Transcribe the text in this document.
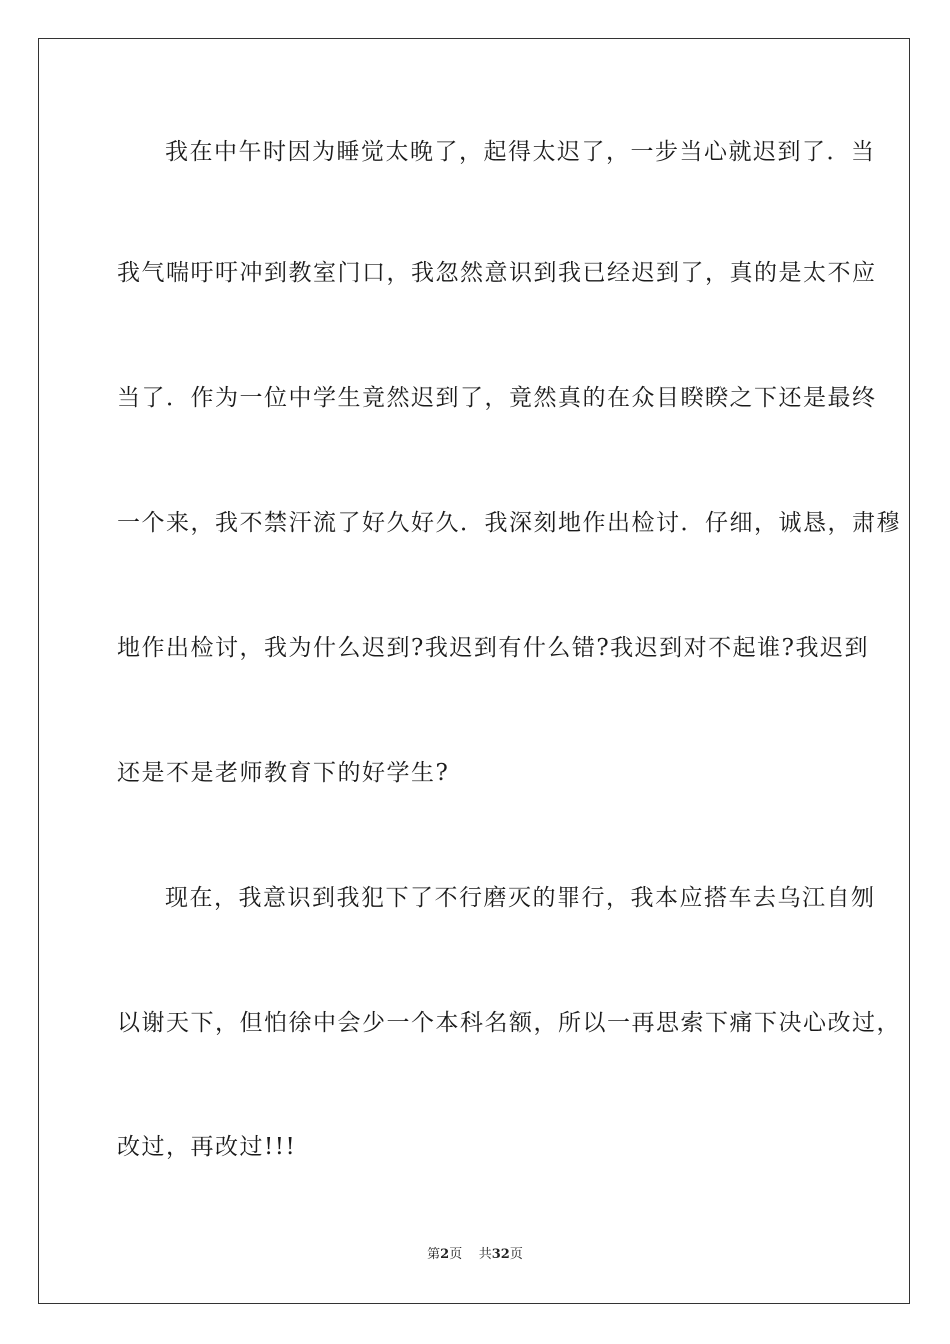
我在中午时因为睡觉太晚了，起得太迟了，一步当心就迟到了．当
我气喘吁吁冲到教室门口，我忽然意识到我已经迟到了，真的是太不应
当了．作为一位中学生竟然迟到了，竟然真的在众目睽睽之下还是最终
一个来，我不禁汗流了好久好久．我深刻地作出检讨．仔细，诚恳，肃穆
地作出检讨，我为什么迟到?我迟到有什么错?我迟到对不起谁?我迟到
还是不是老师教育下的好学生?
现在，我意识到我犯下了不行磨灭的罪行，我本应搭车去乌江自刎
以谢天下，但怕徐中会少一个本科名额，所以一再思索下痛下决心改过，
改过，再改过!!!
第2页 共32页
